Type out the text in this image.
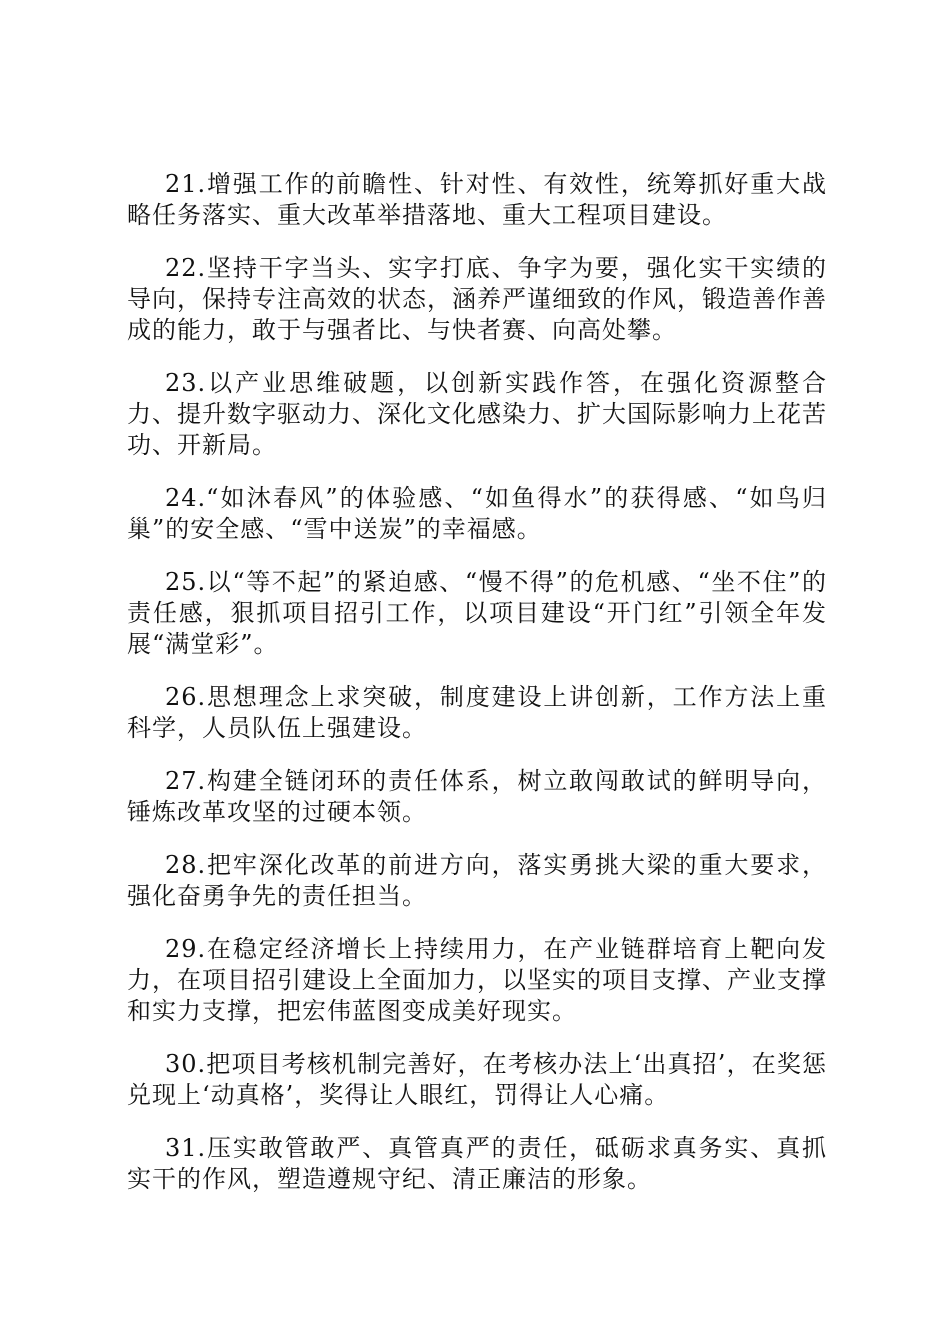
21.增强工作的前瞻性、针对性、有效性，统筹抓好重大战略任务落实、重大改革举措落地、重大工程项目建设。

22.坚持干字当头、实字打底、争字为要，强化实干实绩的导向，保持专注高效的状态，涵养严谨细致的作风，锻造善作善成的能力，敢于与强者比、与快者赛、向高处攀。

23.以产业思维破题，以创新实践作答，在强化资源整合力、提升数字驱动力、深化文化感染力、扩大国际影响力上花苦功、开新局。

24.“如沐春风”的体验感、“如鱼得水”的获得感、“如鸟归巢”的安全感、“雪中送炭”的幸福感。

25.以“等不起”的紧迫感、“慢不得”的危机感、“坐不住”的责任感，狠抓项目招引工作，以项目建设“开门红”引领全年发展“满堂彩”。

26.思想理念上求突破，制度建设上讲创新，工作方法上重科学，人员队伍上强建设。

27.构建全链闭环的责任体系，树立敢闯敢试的鲜明导向，锤炼改革攻坚的过硬本领。

28.把牢深化改革的前进方向，落实勇挑大梁的重大要求，强化奋勇争先的责任担当。

29.在稳定经济增长上持续用力，在产业链群培育上靶向发力，在项目招引建设上全面加力，以坚实的项目支撑、产业支撑和实力支撑，把宏伟蓝图变成美好现实。

30.把项目考核机制完善好，在考核办法上‘出真招’，在奖惩兑现上‘动真格’，奖得让人眼红，罚得让人心痛。

31.压实敢管敢严、真管真严的责任，砥砺求真务实、真抓实干的作风，塑造遵规守纪、清正廉洁的形象。
